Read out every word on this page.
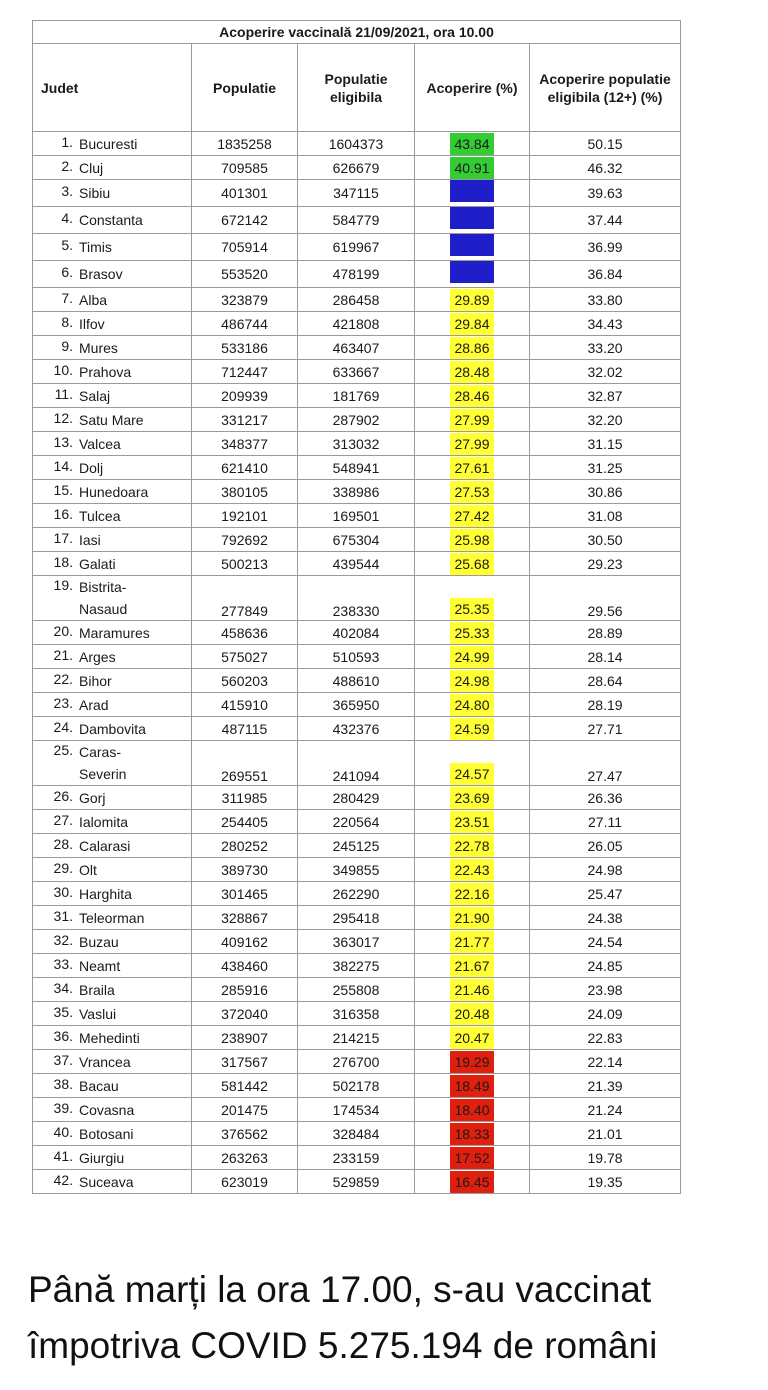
Acoperire vaccinală 21/09/2021, ora 10.00				
Judet	Populatie	Populatie eligibila	Acoperire (%)	Acoperire populatie eligibila (12+) (%)
1. Bucuresti	1835258	1604373	43.84	50.15
2. Cluj	709585	626679	40.91	46.32
3. Sibiu	401301	347115		39.63
4. Constanta	672142	584779		37.44
5. Timis	705914	619967		36.99
6. Brasov	553520	478199		36.84
7. Alba	323879	286458	29.89	33.80
8. Ilfov	486744	421808	29.84	34.43
9. Mures	533186	463407	28.86	33.20
10. Prahova	712447	633667	28.48	32.02
11. Salaj	209939	181769	28.46	32.87
12. Satu Mare	331217	287902	27.99	32.20
13. Valcea	348377	313032	27.99	31.15
14. Dolj	621410	548941	27.61	31.25
15. Hunedoara	380105	338986	27.53	30.86
16. Tulcea	192101	169501	27.42	31.08
17. Iasi	792692	675304	25.98	30.50
18. Galati	500213	439544	25.68	29.23
19. Bistrita-
Nasaud	277849	238330	25.35	29.56
20. Maramures	458636	402084	25.33	28.89
21. Arges	575027	510593	24.99	28.14
22. Bihor	560203	488610	24.98	28.64
23. Arad	415910	365950	24.80	28.19
24. Dambovita	487115	432376	24.59	27.71
25. Caras-
Severin	269551	241094	24.57	27.47
26. Gorj	311985	280429	23.69	26.36
27. Ialomita	254405	220564	23.51	27.11
28. Calarasi	280252	245125	22.78	26.05
29. Olt	389730	349855	22.43	24.98
30. Harghita	301465	262290	22.16	25.47
31. Teleorman	328867	295418	21.90	24.38
32. Buzau	409162	363017	21.77	24.54
33. Neamt	438460	382275	21.67	24.85
34. Braila	285916	255808	21.46	23.98
35. Vaslui	372040	316358	20.48	24.09
36. Mehedinti	238907	214215	20.47	22.83
37. Vrancea	317567	276700	19.29	22.14
38. Bacau	581442	502178	18.49	21.39
39. Covasna	201475	174534	18.40	21.24
40. Botosani	376562	328484	18.33	21.01
41. Giurgiu	263263	233159	17.52	19.78
42. Suceava	623019	529859	16.45	19.35
Până marți la ora 17.00, s-au vaccinat
împotriva COVID 5.275.194 de români
